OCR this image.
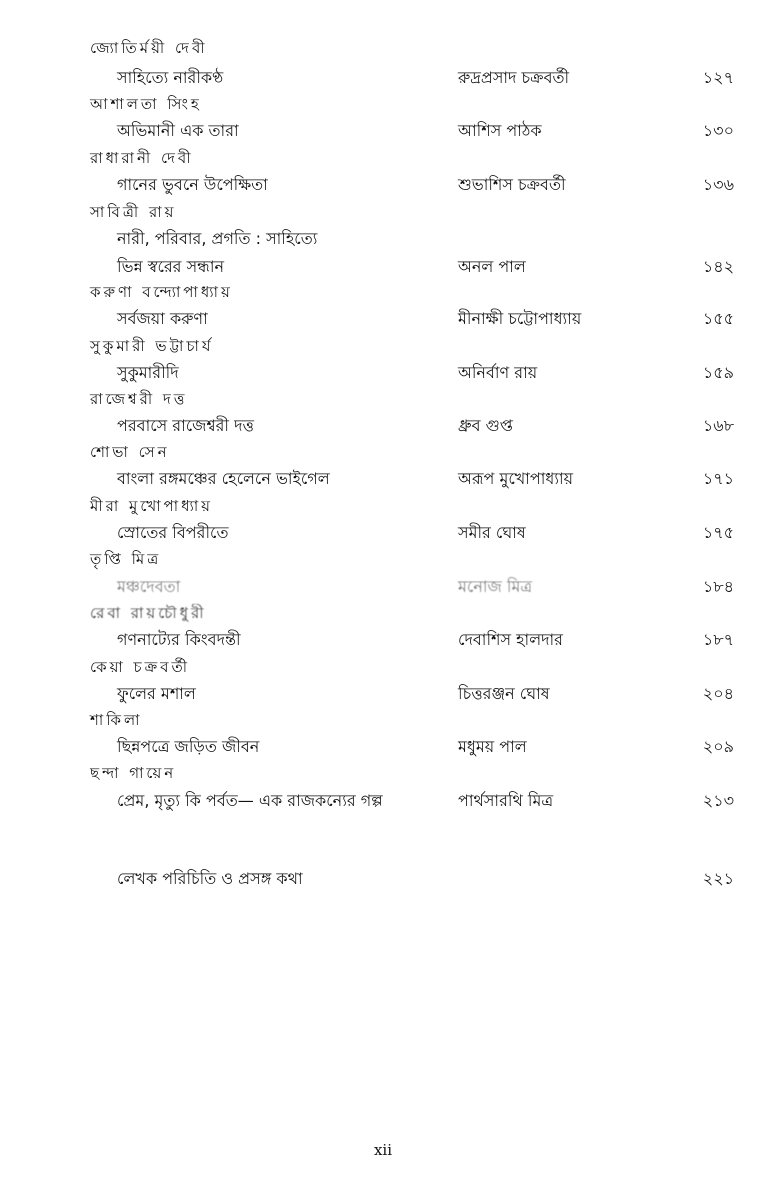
জ্যোতির্ময়ী দেবী
সাহিত্যে নারীকণ্ঠ	রুদ্রপ্রসাদ চক্রবর্তী	১২৭
আশালতা সিংহ
অভিমানী এক তারা	আশিস পাঠক	১৩০
রাধারানী দেবী
গানের ভুবনে উপেক্ষিতা	শুভাশিস চক্রবর্তী	১৩৬
সাবিত্রী রায়
নারী, পরিবার, প্রগতি : সাহিত্যে
ভিন্ন স্বরের সন্ধান	অনল পাল	১৪২
করুণা বন্দ্যোপাধ্যায়
সর্বজয়া করুণা	মীনাক্ষী চট্টোপাধ্যায়	১৫৫
সুকুমারী ভট্টাচার্য
সুকুমারীদি	অনির্বাণ রায়	১৫৯
রাজেশ্বরী দত্ত
পরবাসে রাজেশ্বরী দত্ত	ধ্রুব গুপ্ত	১৬৮
শোভা সেন
বাংলা রঙ্গমঞ্চের হেলেনে ভাইগেল	অরূপ মুখোপাধ্যায়	১৭১
মীরা মুখোপাধ্যায়
স্রোতের বিপরীতে	সমীর ঘোষ	১৭৫
তৃপ্তি মিত্র
মঞ্চদেবতা	মনোজ মিত্র	১৮৪
রেবা রায়চৌধুরী
গণনাট্যের কিংবদন্তী	দেবাশিস হালদার	১৮৭
কেয়া চক্রবর্তী
ফুলের মশাল	চিত্তরঞ্জন ঘোষ	২০৪
শাকিলা
ছিন্নপত্রে জড়িত জীবন	মধুময় পাল	২০৯
ছন্দা গায়েন
প্রেম, মৃত্যু কি পর্বত— এক রাজকন্যের গল্প	পার্থসারথি মিত্র	২১৩
লেখক পরিচিতি ও প্রসঙ্গ কথা	২২১
xii
